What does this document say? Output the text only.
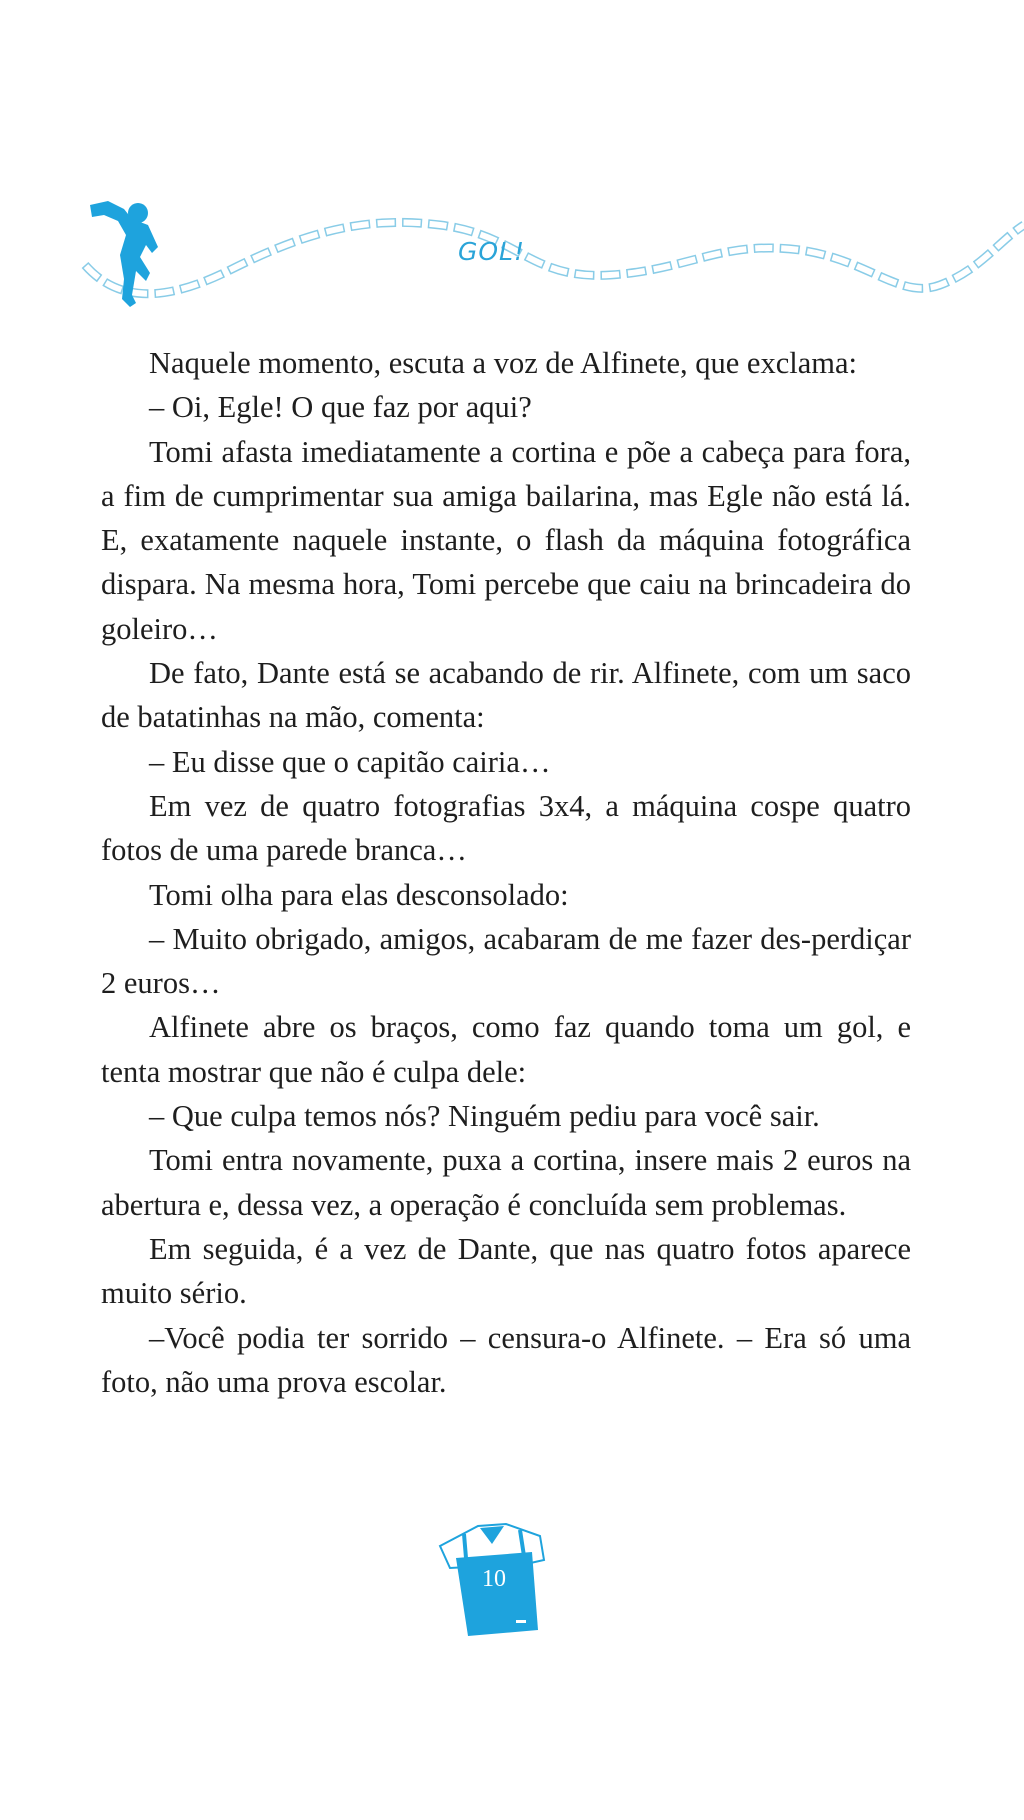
GOL!

Naquele momento, escuta a voz de Alfinete, que exclama:

– Oi, Egle! O que faz por aqui?

Tomi afasta imediatamente a cortina e põe a cabeça para fora, a fim de cumprimentar sua amiga bailarina, mas Egle não está lá. E, exatamente naquele instante, o flash da máquina fotográfica dispara. Na mesma hora, Tomi percebe que caiu na brincadeira do goleiro…

De fato, Dante está se acabando de rir. Alfinete, com um saco de batatinhas na mão, comenta:

– Eu disse que o capitão cairia…

Em vez de quatro fotografias 3x4, a máquina cospe quatro fotos de uma parede branca…

Tomi olha para elas desconsolado:

– Muito obrigado, amigos, acabaram de me fazer des-perdiçar 2 euros…

Alfinete abre os braços, como faz quando toma um gol, e tenta mostrar que não é culpa dele:

– Que culpa temos nós? Ninguém pediu para você sair.

Tomi entra novamente, puxa a cortina, insere mais 2 euros na abertura e, dessa vez, a operação é concluída sem problemas.

Em seguida, é a vez de Dante, que nas quatro fotos aparece muito sério.

–Você podia ter sorrido – censura-o Alfinete. – Era só uma foto, não uma prova escolar.

10
